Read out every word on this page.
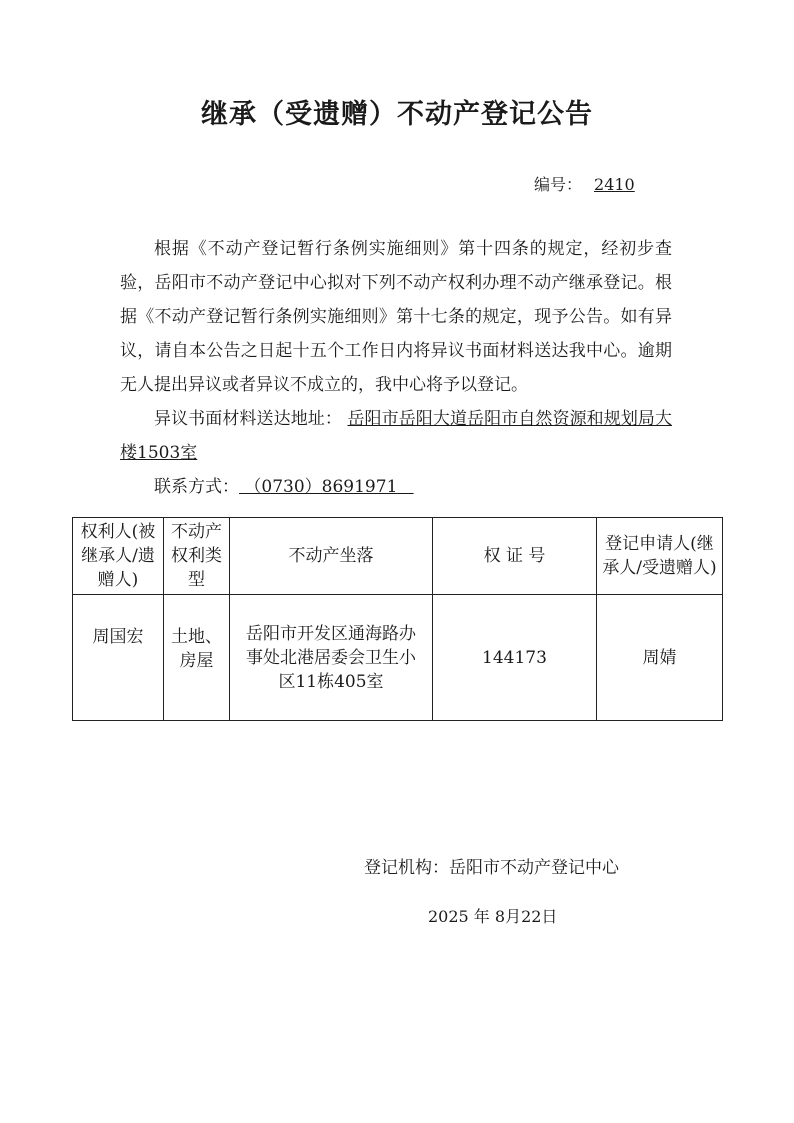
继承（受遗赠）不动产登记公告
编号： 2410

根据《不动产登记暂行条例实施细则》第十四条的规定，经初步查验，岳阳市不动产登记中心拟对下列不动产权利办理不动产继承登记。根据《不动产登记暂行条例实施细则》第十七条的规定，现予公告。如有异议，请自本公告之日起十五个工作日内将异议书面材料送达我中心。逾期无人提出异议或者异议不成立的，我中心将予以登记。

异议书面材料送达地址： 岳阳市岳阳大道岳阳市自然资源和规划局大楼1503室

联系方式： （0730）8691971

权利人(被继承人/遗赠人)	不动产权利类型	不动产坐落	权 证 号	登记申请人(继承人/受遗赠人)
周国宏	土地、房屋	岳阳市开发区通海路办事处北港居委会卫生小区11栋405室	144173	周婧
登记机构：岳阳市不动产登记中心
2025 年 8月22日
